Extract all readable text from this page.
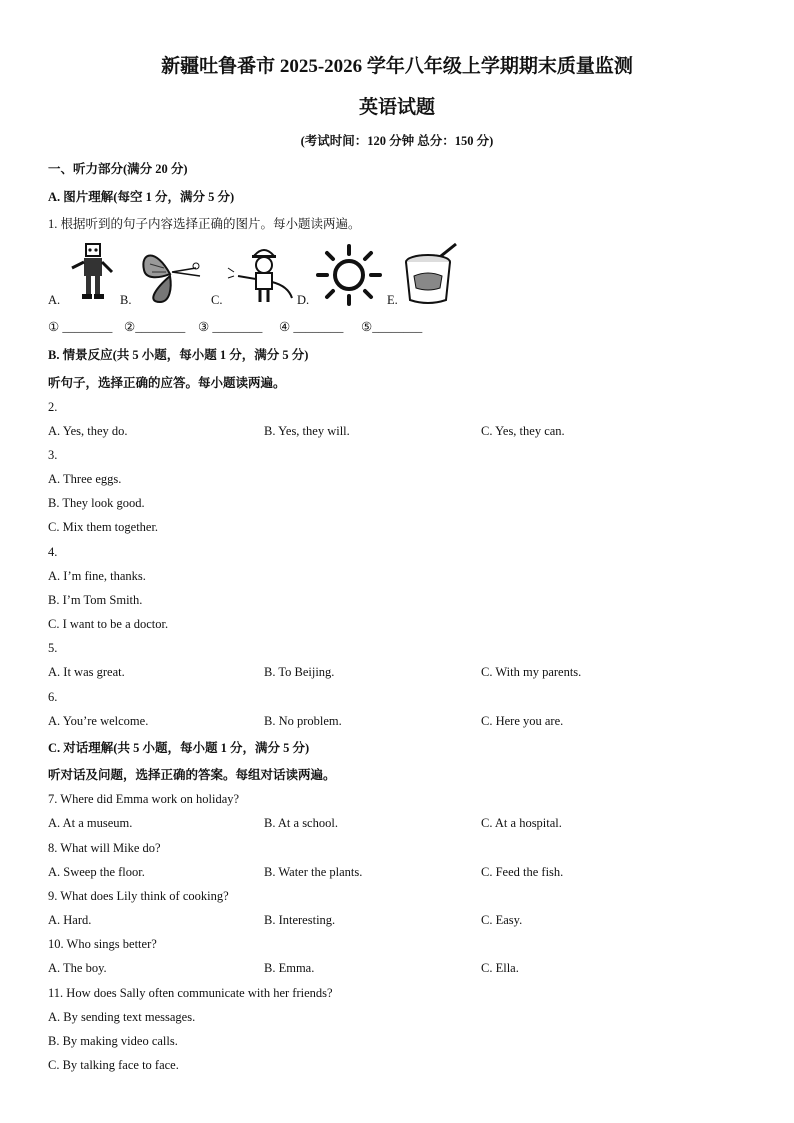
新疆吐鲁番市 2025-2026 学年八年级上学期期末质量监测
英语试题
(考试时间：120 分钟 总分：150 分)
一、听力部分(满分 20 分)
A. 图片理解(每空 1 分，满分 5 分)
1. 根据听到的句子内容选择正确的图片。每小题读两遍。
A.	B.	C.	D.	E.
① ________ ②________ ③ ________ ④ ________ ⑤________
B. 情景反应(共 5 小题，每小题 1 分，满分 5 分)
听句子，选择正确的应答。每小题读两遍。
2.
A. Yes, they do.	B. Yes, they will.	C. Yes, they can.
3.
A. Three eggs.
B. They look good.
C. Mix them together.
4.
A. I’m fine, thanks.
B. I’m Tom Smith.
C. I want to be a doctor.
5.
A. It was great.	B. To Beijing.	C. With my parents.
6.
A. You’re welcome.	B. No problem.	C. Here you are.
C. 对话理解(共 5 小题，每小题 1 分，满分 5 分)
听对话及问题，选择正确的答案。每组对话读两遍。
7. Where did Emma work on holiday?
A. At a museum.	B. At a school.	C. At a hospital.
8. What will Mike do?
A. Sweep the floor.	B. Water the plants.	C. Feed the fish.
9. What does Lily think of cooking?
A. Hard.	B. Interesting.	C. Easy.
10. Who sings better?
A. The boy.	B. Emma.	C. Ella.
11. How does Sally often communicate with her friends?
A. By sending text messages.
B. By making video calls.
C. By talking face to face.
